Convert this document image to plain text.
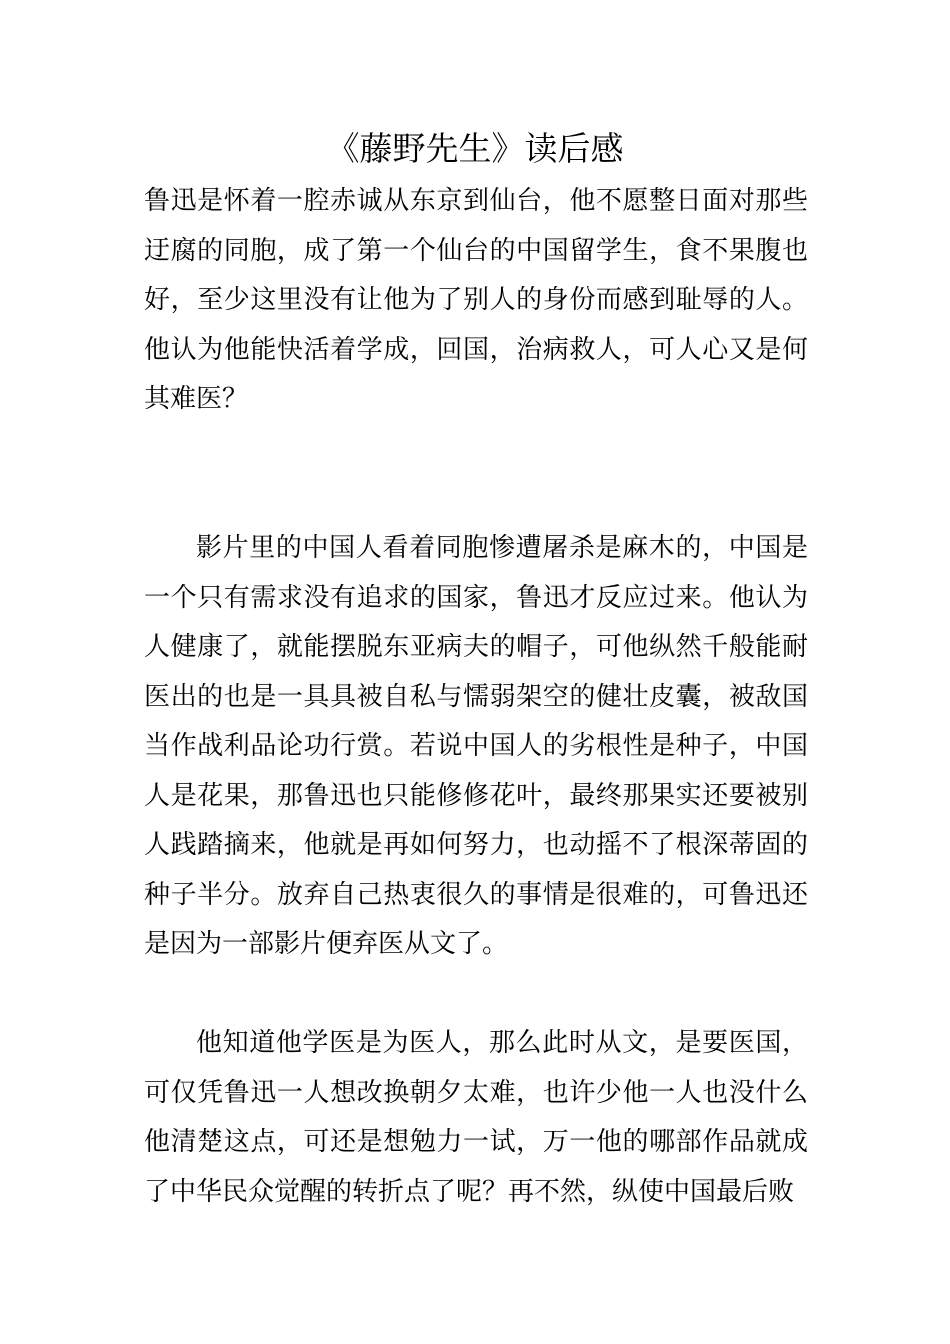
《藤野先生》读后感

鲁迅是怀着一腔赤诚从东京到仙台，他不愿整日面对那些迂腐的同胞，成了第一个仙台的中国留学生，食不果腹也好，至少这里没有让他为了别人的身份而感到耻辱的人。他认为他能快活着学成，回国，治病救人，可人心又是何其难医？

影片里的中国人看着同胞惨遭屠杀是麻木的，中国是一个只有需求没有追求的国家，鲁迅才反应过来。他认为人健康了，就能摆脱东亚病夫的帽子，可他纵然千般能耐医出的也是一具具被自私与懦弱架空的健壮皮囊，被敌国当作战利品论功行赏。若说中国人的劣根性是种子，中国人是花果，那鲁迅也只能修修花叶，最终那果实还要被别人践踏摘来，他就是再如何努力，也动摇不了根深蒂固的种子半分。放弃自己热衷很久的事情是很难的，可鲁迅还是因为一部影片便弃医从文了。

他知道他学医是为医人，那么此时从文，是要医国，可仅凭鲁迅一人想改换朝夕太难，也许少他一人也没什么他清楚这点，可还是想勉力一试，万一他的哪部作品就成了中华民众觉醒的转折点了呢？再不然，纵使中国最后败
